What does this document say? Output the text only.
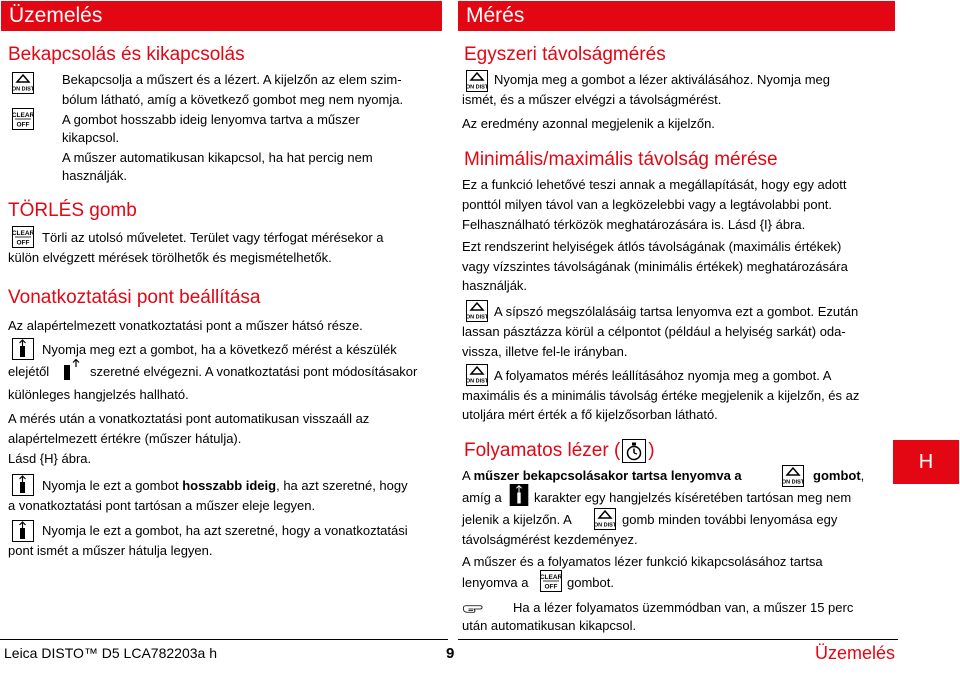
Üzemelés
Bekapcsolás és kikapcsolás
ON DIST
Bekapcsolja a műszert és a lézert. A kijelzőn az elem szim-
bólum látható, amíg a következő gombot meg nem nyomja.
CLEAR
OFF	A gombot hosszabb ideig lenyomva tartva a műszer
kikapcsol.
A műszer automatikusan kikapcsol, ha hat percig nem
használják.
TÖRLÉS gomb
CLEAR
OFF Törli az utolsó műveletet. Terület vagy térfogat mérésekor a
külön elvégzett mérések törölhetők és megismételhetők.
Vonatkoztatási pont beállítása
Az alapértelmezett vonatkoztatási pont a műszer hátsó része.
Nyomja meg ezt a gombot, ha a következő mérést a készülék
elejétől	szeretné elvégezni. A vonatkoztatási pont módosításakor
különleges hangjelzés hallható.
A mérés után a vonatkoztatási pont automatikusan visszaáll az
alapértelmezett értékre (műszer hátulja).
Lásd {H} ábra.
Nyomja le ezt a gombot hosszabb ideig, ha azt szeretné, hogy
a vonatkoztatási pont tartósan a műszer eleje legyen.
Nyomja le ezt a gombot, ha azt szeretné, hogy a vonatkoztatási
pont ismét a műszer hátulja legyen.
Mérés
Egyszeri távolságmérés
ON DIST
Nyomja meg a gombot a lézer aktiválásához. Nyomja meg
ismét, és a műszer elvégzi a távolságmérést.
Az eredmény azonnal megjelenik a kijelzőn.
Minimális/maximális távolság mérése
Ez a funkció lehetővé teszi annak a megállapítását, hogy egy adott
ponttól milyen távol van a legközelebbi vagy a legtávolabbi pont.
Felhasználható térközök meghatározására is. Lásd {I} ábra.
Ezt rendszerint helyiségek átlós távolságának (maximális értékek)
vagy vízszintes távolságának (minimális értékek) meghatározására
használják.
ON DIST A sípszó megszólalásáig tartsa lenyomva ezt a gombot. Ezután
lassan pásztázza körül a célpontot (például a helyiség sarkát) oda-
vissza, illetve fel-le irányban.
ON DIST A folyamatos mérés leállításához nyomja meg a gombot. A
maximális és a minimális távolság értéke megjelenik a kijelzőn, és az
utoljára mért érték a fő kijelzősorban látható.
Folyamatos lézer ( )
A műszer bekapcsolásakor tartsa lenyomva a	ON DIST gombot,
amíg a karakter egy hangjelzés kíséretében tartósan meg nem
jelenik a kijelzőn. A	ON DIST gomb minden további lenyomása egy
távolságmérést kezdeményez.
A műszer és a folyamatos lézer funkció kikapcsolásához tartsa
lenyomva a CLEAR
OFF gombot.
Ha a lézer folyamatos üzemmódban van, a műszer 15 perc
után automatikusan kikapcsol.
H
Leica DISTO™ D5 LCA782203a h	9	Üzemelés
